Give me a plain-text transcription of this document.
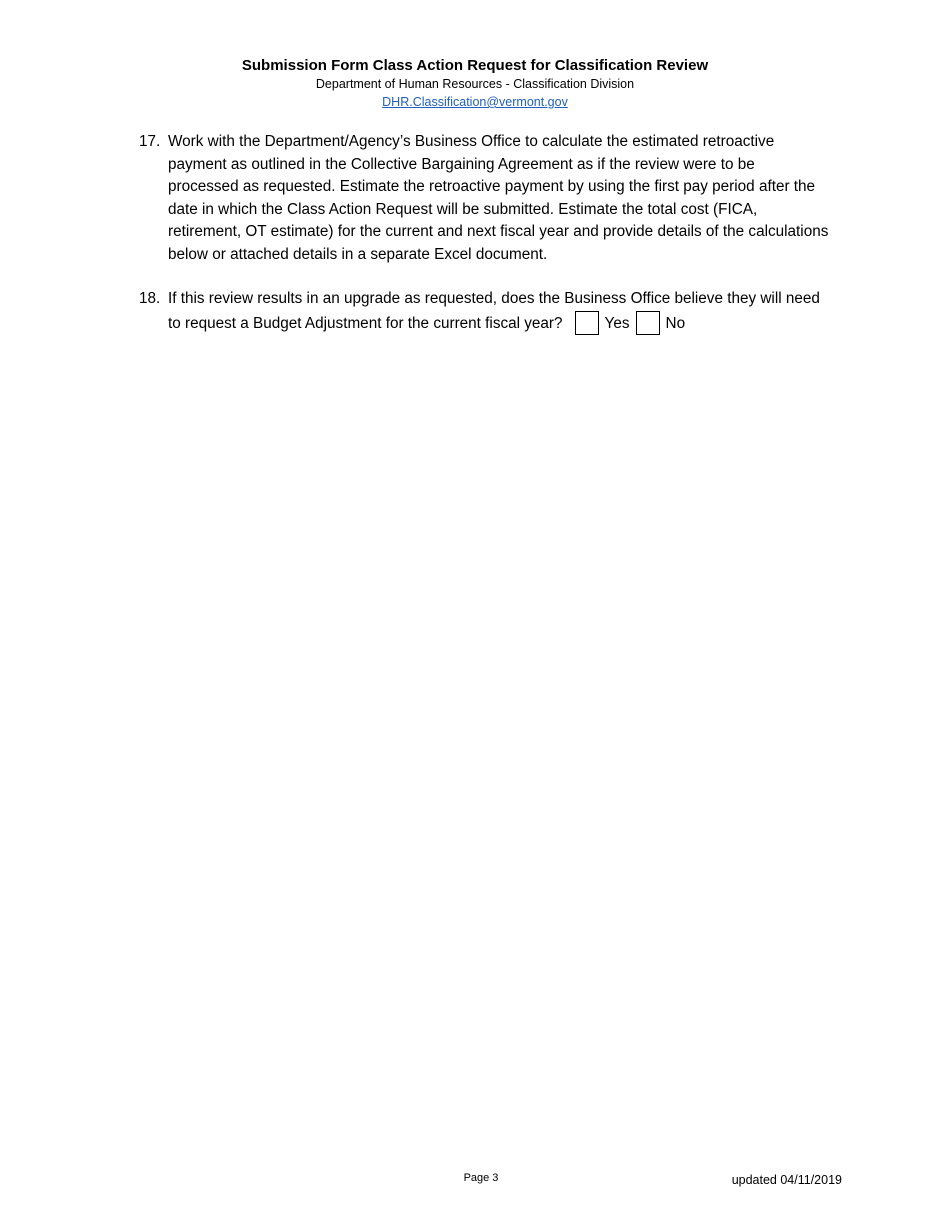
Submission Form Class Action Request for Classification Review
Department of Human Resources - Classification Division
DHR.Classification@vermont.gov
17. Work with the Department/Agency’s Business Office to calculate the estimated retroactive payment as outlined in the Collective Bargaining Agreement as if the review were to be processed as requested. Estimate the retroactive payment by using the first pay period after the date in which the Class Action Request will be submitted. Estimate the total cost (FICA, retirement, OT estimate) for the current and next fiscal year and provide details of the calculations below or attached details in a separate Excel document.
18. If this review results in an upgrade as requested, does the Business Office believe they will need to request a Budget Adjustment for the current fiscal year?	Yes No
Page 3	updated 04/11/2019
